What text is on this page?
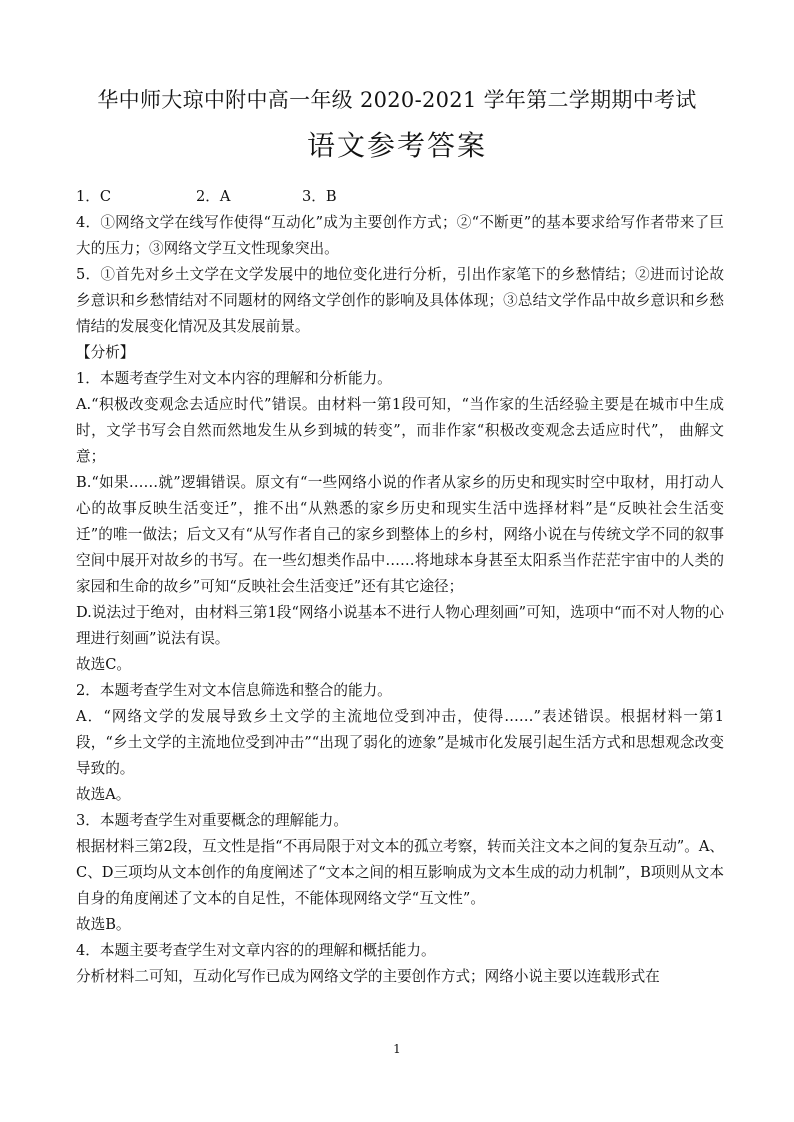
华中师大琼中附中高一年级 2020-2021 学年第二学期期中考试
语文参考答案

1．C	2．A	3．B

4．①网络文学在线写作使得“互动化”成为主要创作方式；②“不断更”的基本要求给写作者带来了巨大的压力；③网络文学互文性现象突出。

5．①首先对乡土文学在文学发展中的地位变化进行分析，引出作家笔下的乡愁情结；②进而讨论故乡意识和乡愁情结对不同题材的网络文学创作的影响及具体体现；③总结文学作品中故乡意识和乡愁情结的发展变化情况及其发展前景。

【分析】

1．本题考查学生对文本内容的理解和分析能力。

A.“积极改变观念去适应时代”错误。由材料一第1段可知，“当作家的生活经验主要是在城市中生成时，文学书写会自然而然地发生从乡到城的转变”，而非作家“积极改变观念去适应时代”， 曲解文意；

B.“如果……就”逻辑错误。原文有“一些网络小说的作者从家乡的历史和现实时空中取材，用打动人心的故事反映生活变迁”，推不出“从熟悉的家乡历史和现实生活中选择材料”是“反映社会生活变迁”的唯一做法；后文又有“从写作者自己的家乡到整体上的乡村，网络小说在与传统文学不同的叙事空间中展开对故乡的书写。在一些幻想类作品中……将地球本身甚至太阳系当作茫茫宇宙中的人类的家园和生命的故乡”可知“反映社会生活变迁”还有其它途径；

D.说法过于绝对，由材料三第1段“网络小说基本不进行人物心理刻画”可知，选项中“而不对人物的心理进行刻画”说法有误。

故选C。

2．本题考查学生对文本信息筛选和整合的能力。

A．“网络文学的发展导致乡土文学的主流地位受到冲击，使得……”表述错误。根据材料一第1段，“乡土文学的主流地位受到冲击”“出现了弱化的迹象”是城市化发展引起生活方式和思想观念改变导致的。

故选A。

3．本题考查学生对重要概念的理解能力。

根据材料三第2段，互文性是指“不再局限于对文本的孤立考察，转而关注文本之间的复杂互动”。A、C、D三项均从文本创作的角度阐述了“文本之间的相互影响成为文本生成的动力机制”，B项则从文本自身的角度阐述了文本的自足性，不能体现网络文学“互文性”。

故选B。

4．本题主要考查学生对文章内容的的理解和概括能力。

分析材料二可知，互动化写作已成为网络文学的主要创作方式；网络小说主要以连载形式在

1
